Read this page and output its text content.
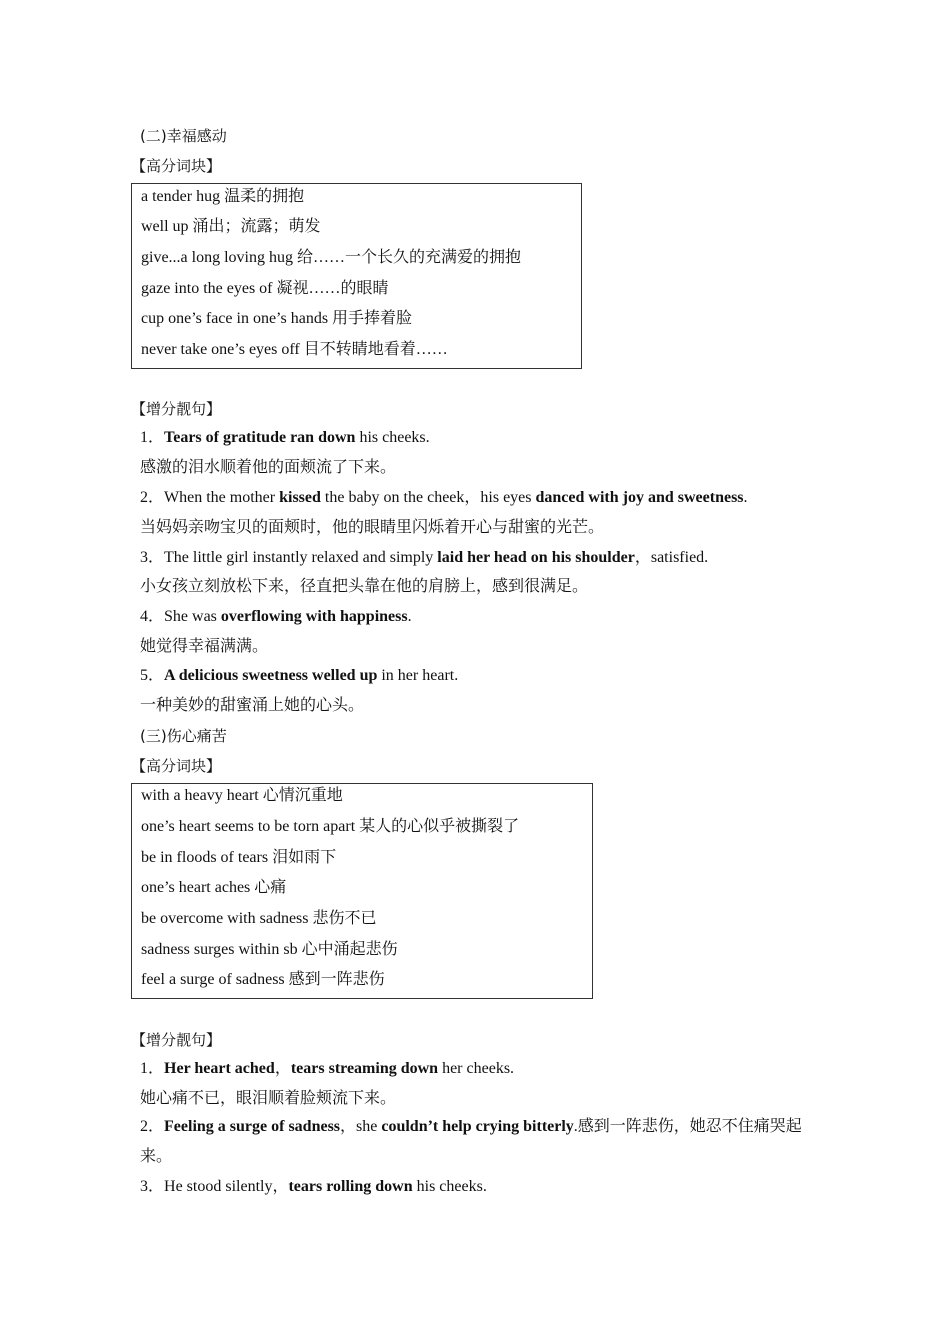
(二)幸福感动
【高分词块】
a tender hug 温柔的拥抱
well up 涌出；流露；萌发
give...a long loving hug 给……一个长久的充满爱的拥抱
gaze into the eyes of 凝视……的眼睛
cup one’s face in one’s hands 用手捧着脸
never take one’s eyes off 目不转睛地看着……
【增分靓句】
1．Tears of gratitude ran down his cheeks.
感激的泪水顺着他的面颊流了下来。
2．When the mother kissed the baby on the cheek，his eyes danced with joy and sweetness.
当妈妈亲吻宝贝的面颊时，他的眼睛里闪烁着开心与甜蜜的光芒。
3．The little girl instantly relaxed and simply laid her head on his shoulder，satisfied.
小女孩立刻放松下来，径直把头靠在他的肩膀上，感到很满足。
4．She was overflowing with happiness.
她觉得幸福满满。
5．A delicious sweetness welled up in her heart.
一种美妙的甜蜜涌上她的心头。
(三)伤心痛苦
【高分词块】
with a heavy heart 心情沉重地
one’s heart seems to be torn apart 某人的心似乎被撕裂了
be in floods of tears 泪如雨下
one’s heart aches 心痛
be overcome with sadness 悲伤不已
sadness surges within sb 心中涌起悲伤
feel a surge of sadness 感到一阵悲伤
【增分靓句】
1．Her heart ached，tears streaming down her cheeks.
她心痛不已，眼泪顺着脸颊流下来。
2．Feeling a surge of sadness，she couldn’t help crying bitterly.感到一阵悲伤，她忍不住痛哭起来。
3．He stood silently，tears rolling down his cheeks.
